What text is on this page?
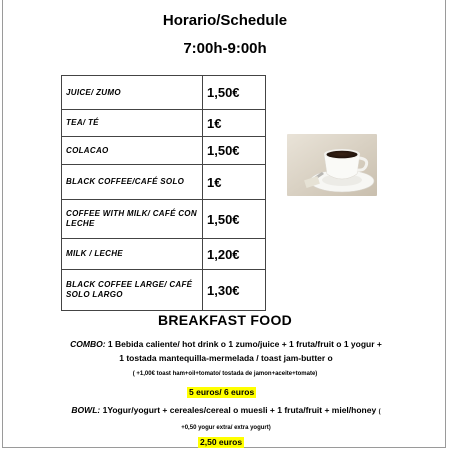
Horario/Schedule
7:00h-9:00h
JUICE/ ZUMO	1,50€
TEA/ TÉ	1€
COLACAO	1,50€
BLACK COFFEE/CAFÉ SOLO	1€
COFFEE WITH MILK/ CAFÉ CON LECHE	1,50€
MILK / LECHE	1,20€
BLACK COFFEE LARGE/ CAFÉ SOLO LARGO	1,30€
BREAKFAST FOOD
COMBO: 1 Bebida caliente/ hot drink o 1 zumo/juice + 1 fruta/fruit o 1 yogur + 1 tostada mantequilla-mermelada / toast jam-butter o
( +1,00€ toast ham+oil+tomato/ tostada de jamon+aceite+tomate)
5 euros/ 6 euros
BOWL: 1Yogur/yogurt + cereales/cereal o muesli + 1 fruta/fruit + miel/honey ( +0,50 yogur extra/ extra yogurt)
2,50 euros
